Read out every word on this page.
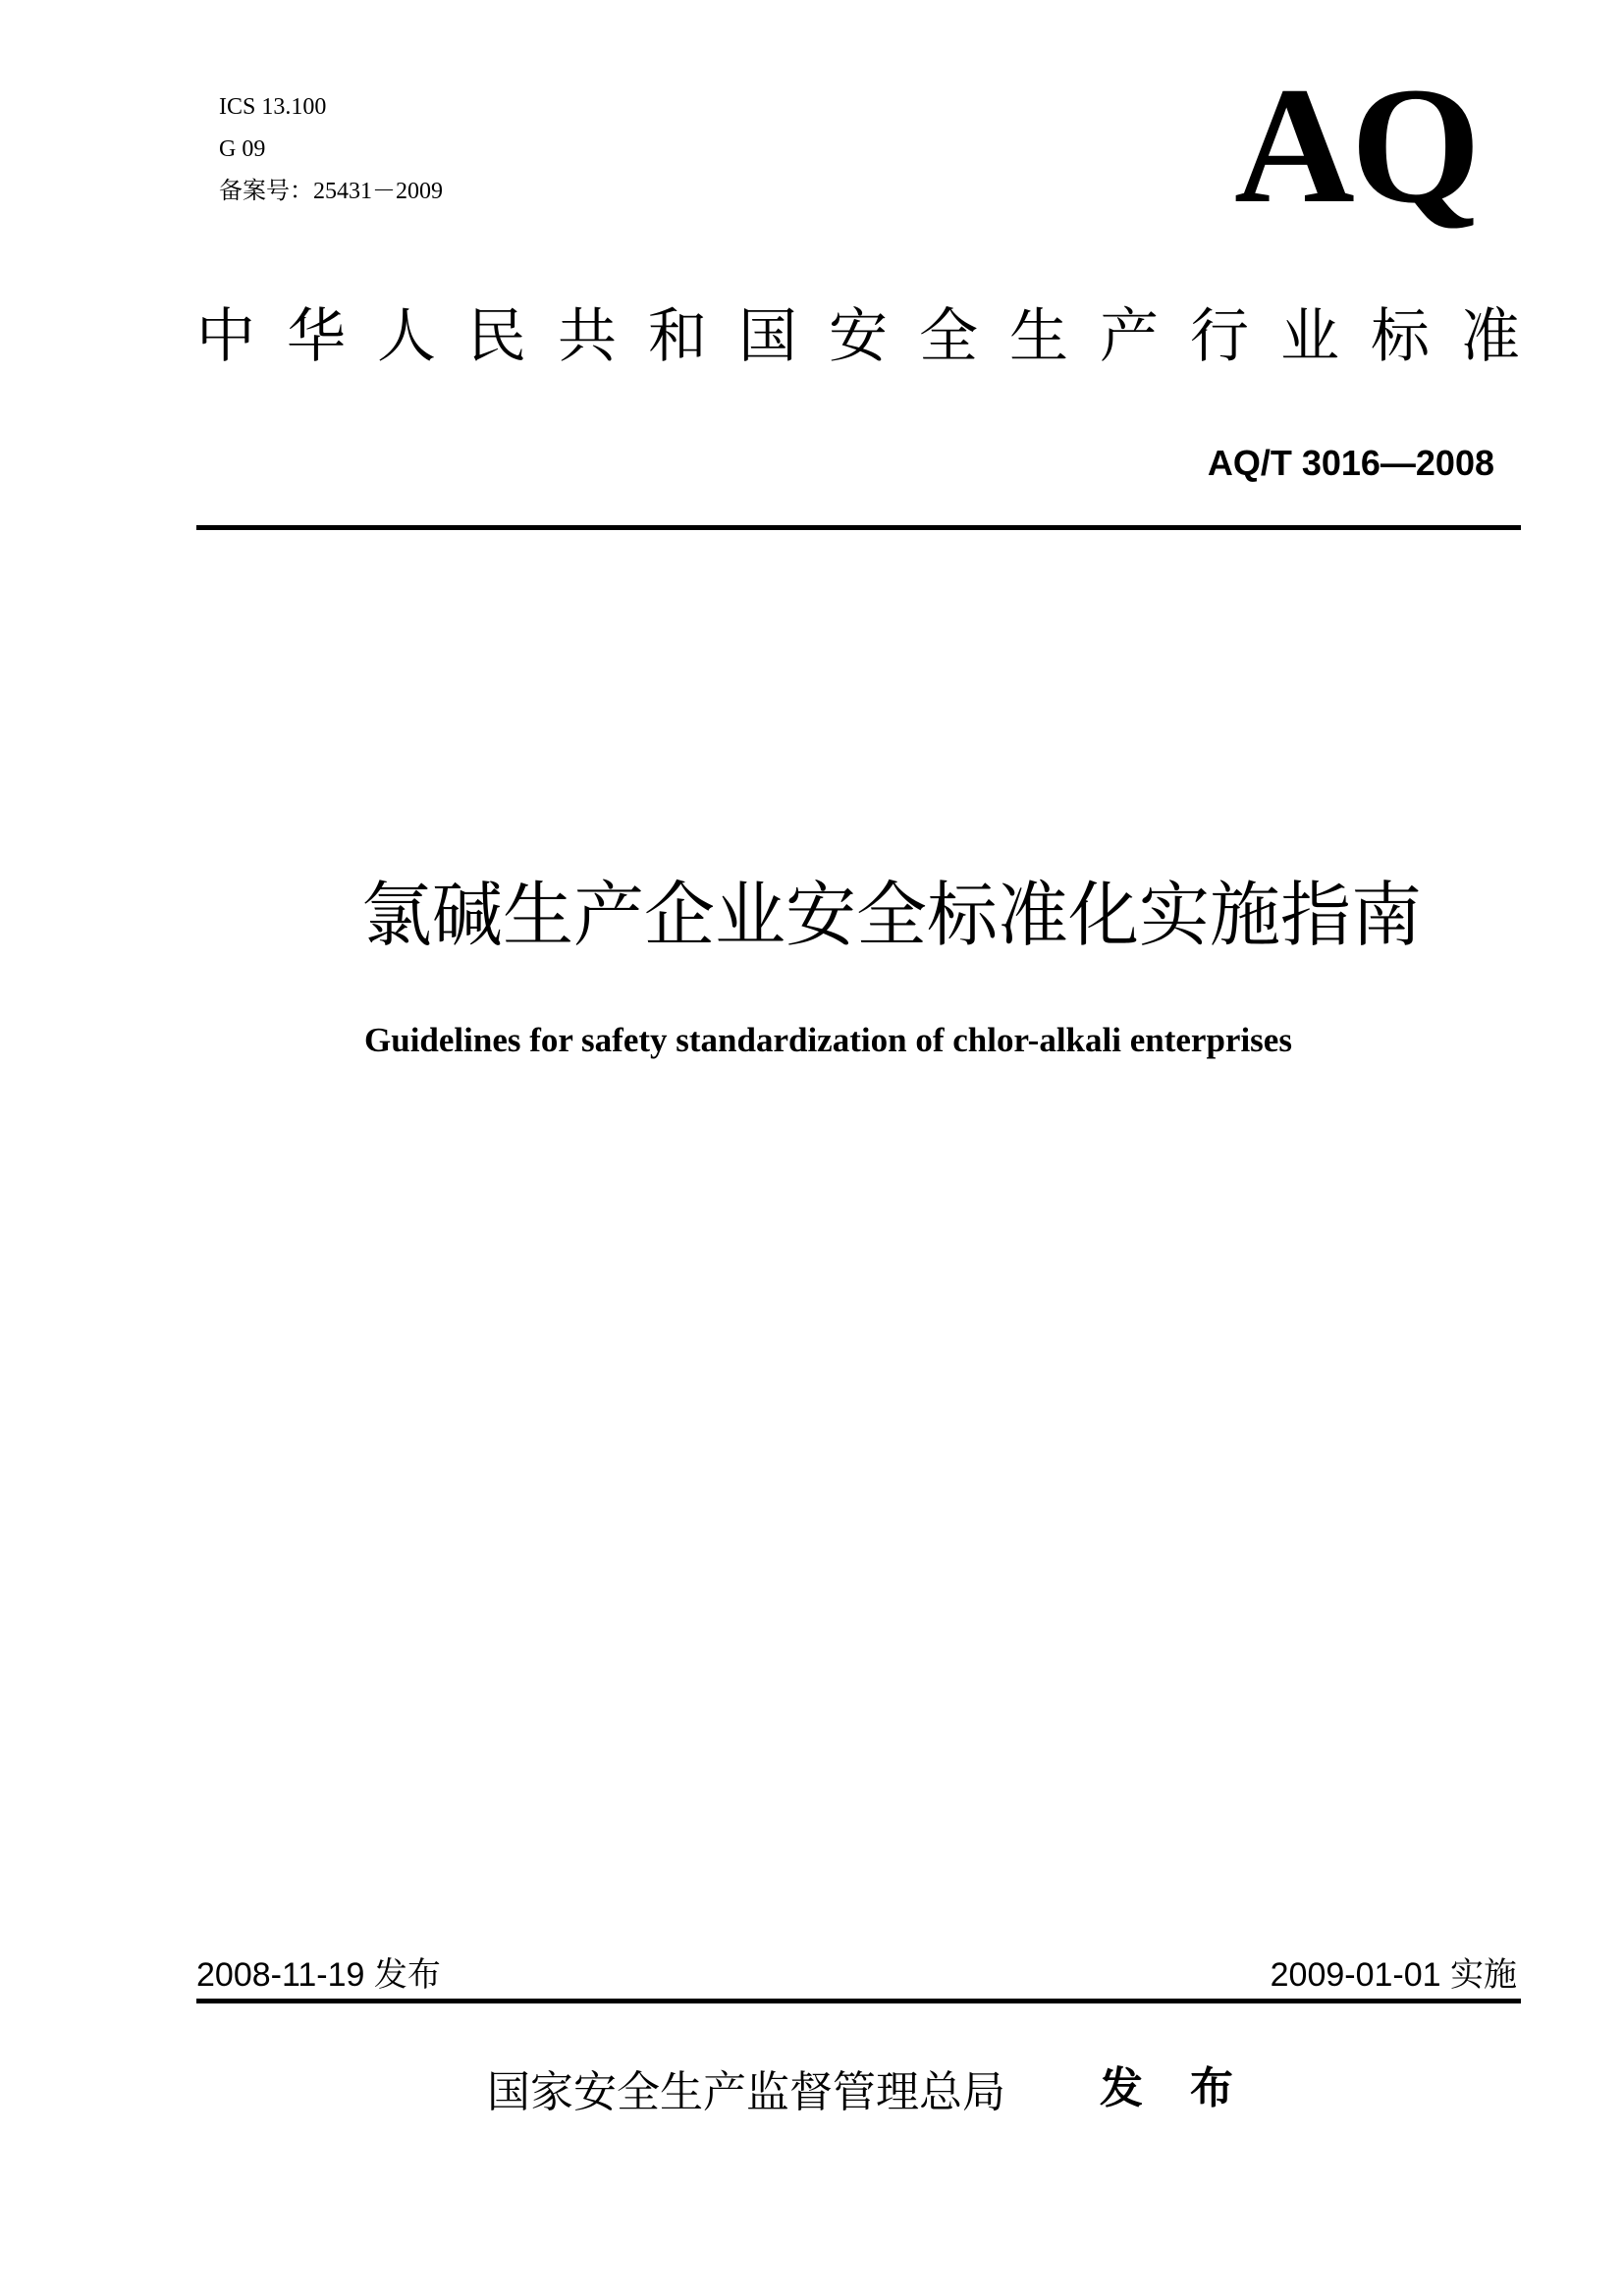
ICS 13.100
G 09
备案号：25431－2009	AQ
中华人民共和国安全生产行业标准
AQ/T 3016—2008
氯碱生产企业安全标准化实施指南
Guidelines for safety standardization of chlor-alkali enterprises
2008-11-19 发布	2009-01-01 实施
国家安全生产监督管理总局 发布
